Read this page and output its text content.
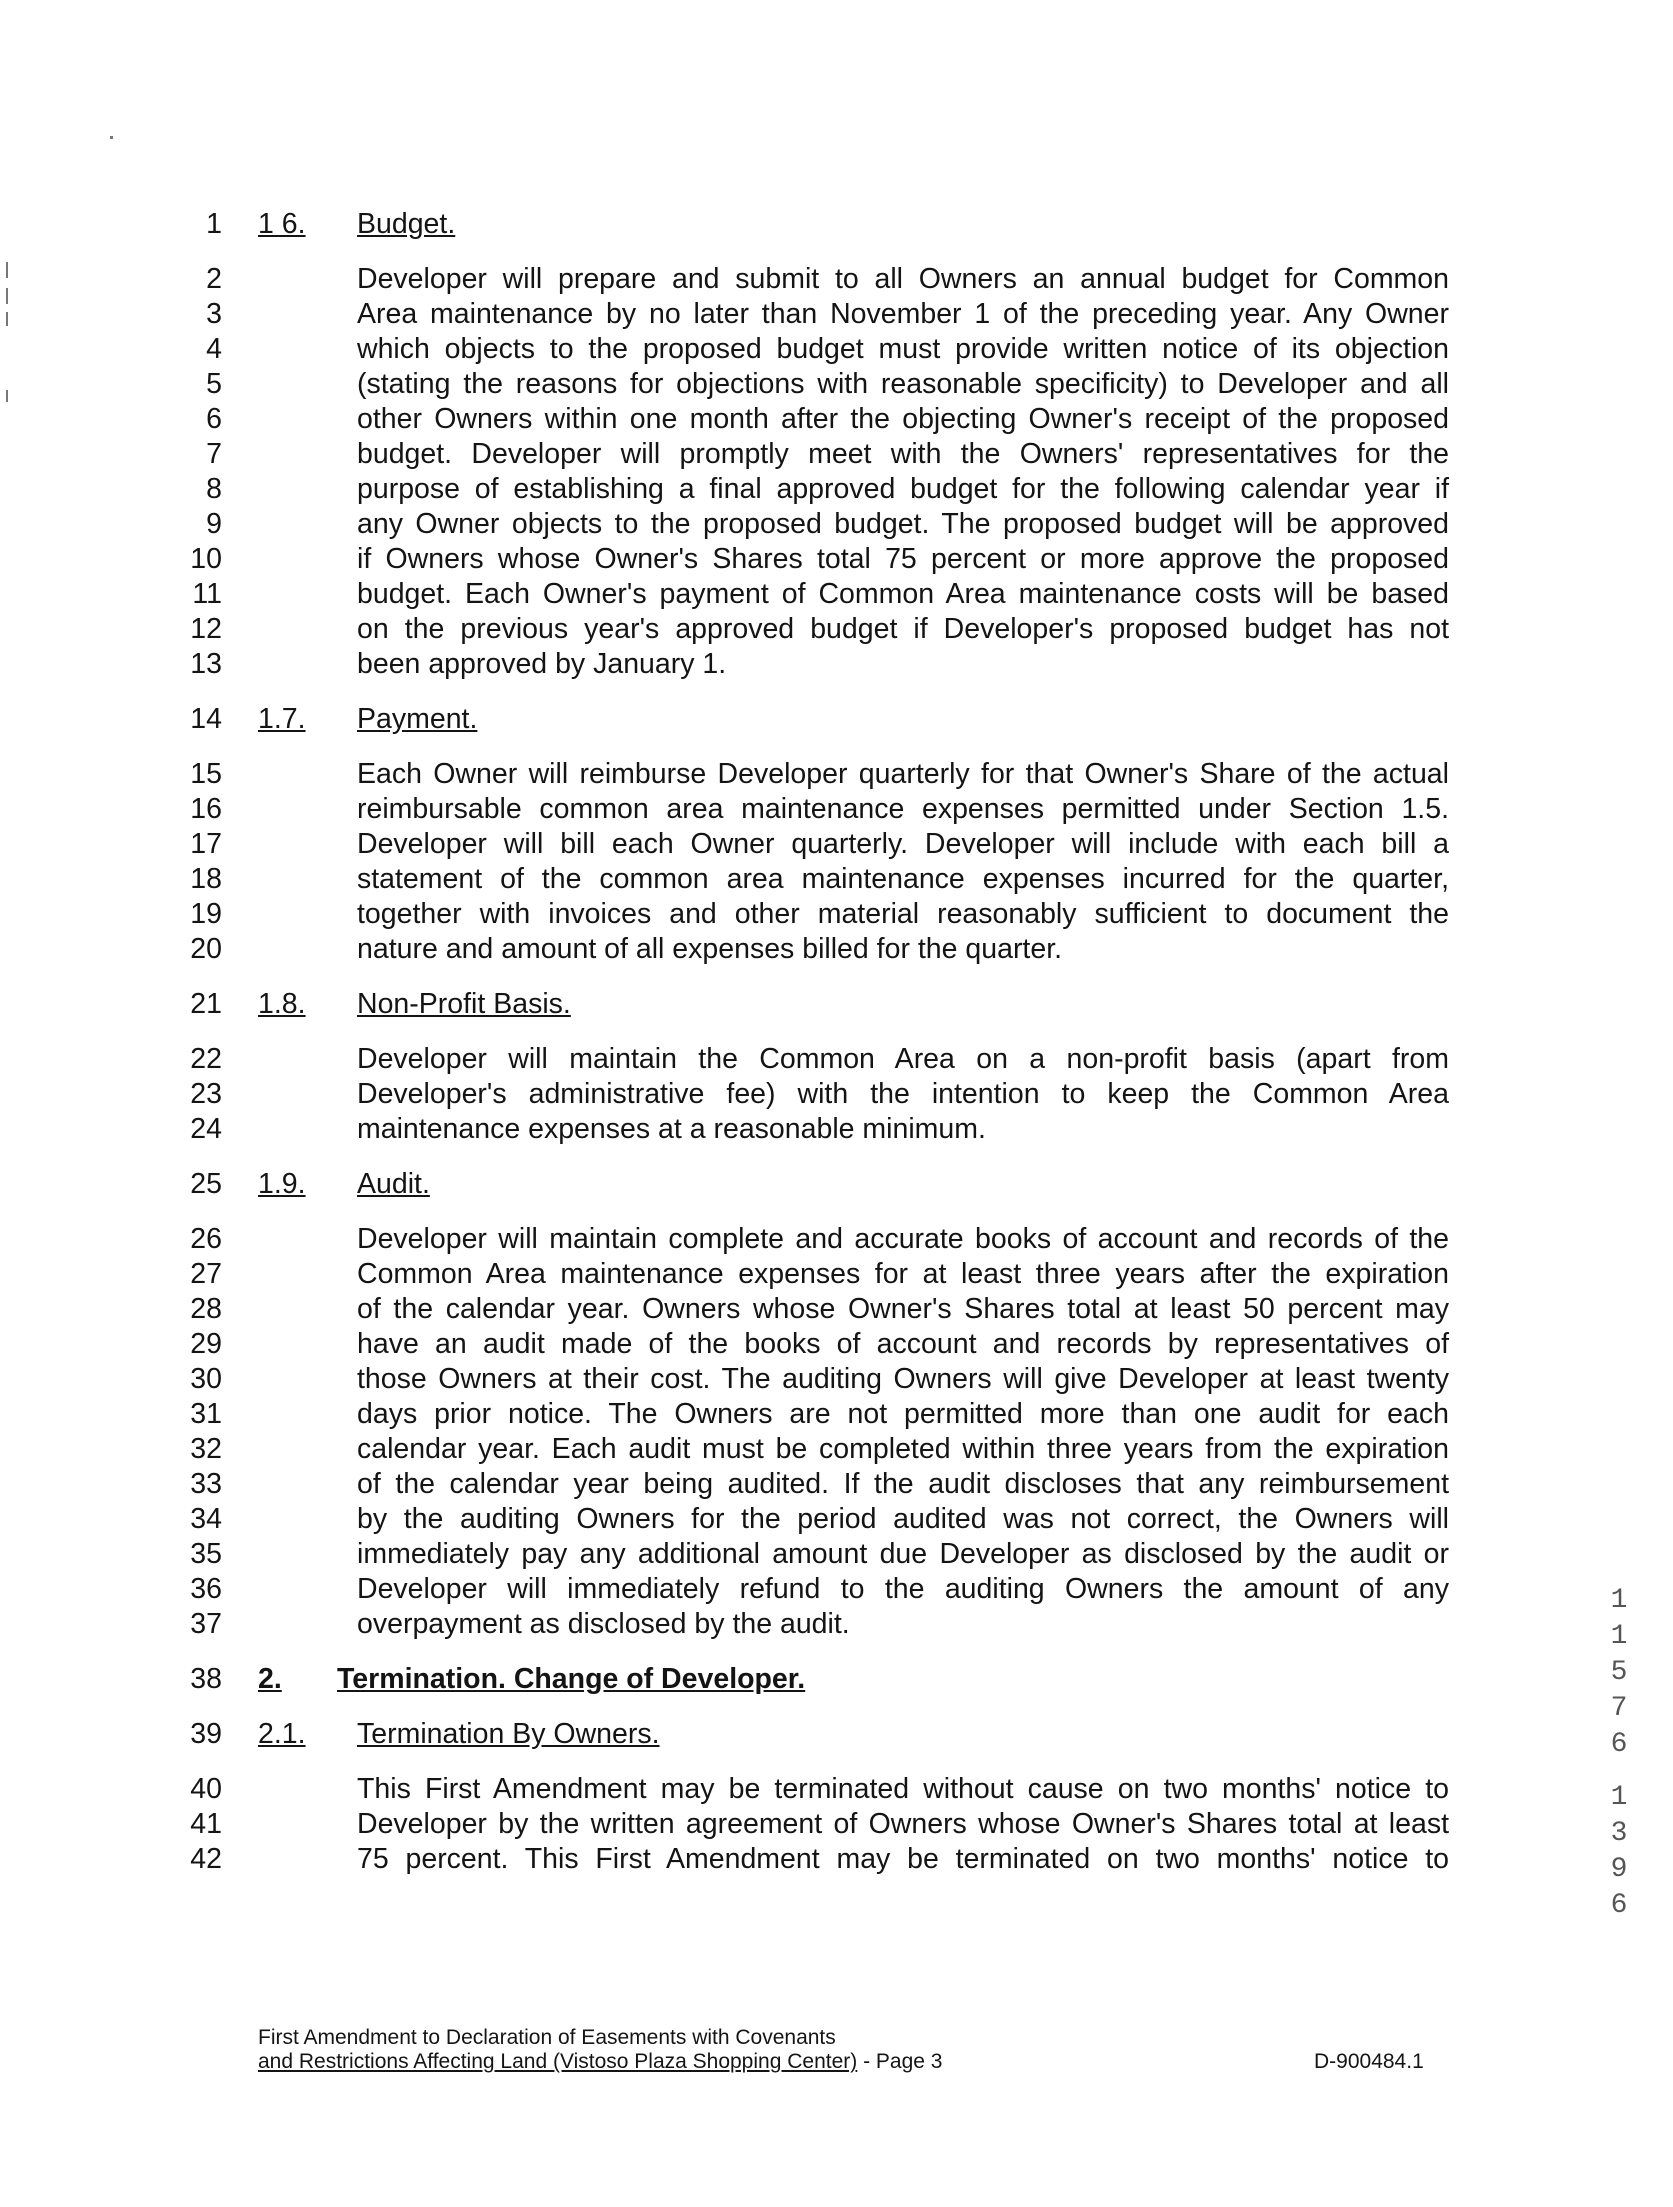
1 1 6. Budget.
2	Developer will prepare and submit to all Owners an annual budget for Common
3	Area maintenance by no later than November 1 of the preceding year. Any Owner
4	which objects to the proposed budget must provide written notice of its objection
5	(stating the reasons for objections with reasonable specificity) to Developer and all
6	other Owners within one month after the objecting Owner's receipt of the proposed
7	budget. Developer will promptly meet with the Owners' representatives for the
8	purpose of establishing a final approved budget for the following calendar year if
9	any Owner objects to the proposed budget. The proposed budget will be approved
10	if Owners whose Owner's Shares total 75 percent or more approve the proposed
11	budget. Each Owner's payment of Common Area maintenance costs will be based
12	on the previous year's approved budget if Developer's proposed budget has not
13	been approved by January 1.
14 1.7. Payment.
15	Each Owner will reimburse Developer quarterly for that Owner's Share of the actual
16	reimbursable common area maintenance expenses permitted under Section 1.5.
17	Developer will bill each Owner quarterly. Developer will include with each bill a
18	statement of the common area maintenance expenses incurred for the quarter,
19	together with invoices and other material reasonably sufficient to document the
20	nature and amount of all expenses billed for the quarter.
21 1.8. Non-Profit Basis.
22	Developer will maintain the Common Area on a non-profit basis (apart from
23	Developer's administrative fee) with the intention to keep the Common Area
24	maintenance expenses at a reasonable minimum.
25 1.9. Audit.
26	Developer will maintain complete and accurate books of account and records of the
27	Common Area maintenance expenses for at least three years after the expiration
28	of the calendar year. Owners whose Owner's Shares total at least 50 percent may
29	have an audit made of the books of account and records by representatives of
30	those Owners at their cost. The auditing Owners will give Developer at least twenty
31	days prior notice. The Owners are not permitted more than one audit for each
32	calendar year. Each audit must be completed within three years from the expiration
33	of the calendar year being audited. If the audit discloses that any reimbursement
34	by the auditing Owners for the period audited was not correct, the Owners will
35	immediately pay any additional amount due Developer as disclosed by the audit or
36	Developer will immediately refund to the auditing Owners the amount of any
37	overpayment as disclosed by the audit.
38 2. Termination. Change of Developer.
39 2.1. Termination By Owners.
40	This First Amendment may be terminated without cause on two months' notice to
41	Developer by the written agreement of Owners whose Owner's Shares total at least
42	75 percent. This First Amendment may be terminated on two months' notice to
First Amendment to Declaration of Easements with Covenants
and Restrictions Affecting Land (Vistoso Plaza Shopping Center) - Page 3	D-900484.1
1
1
5
7
6
1
3
9
6
